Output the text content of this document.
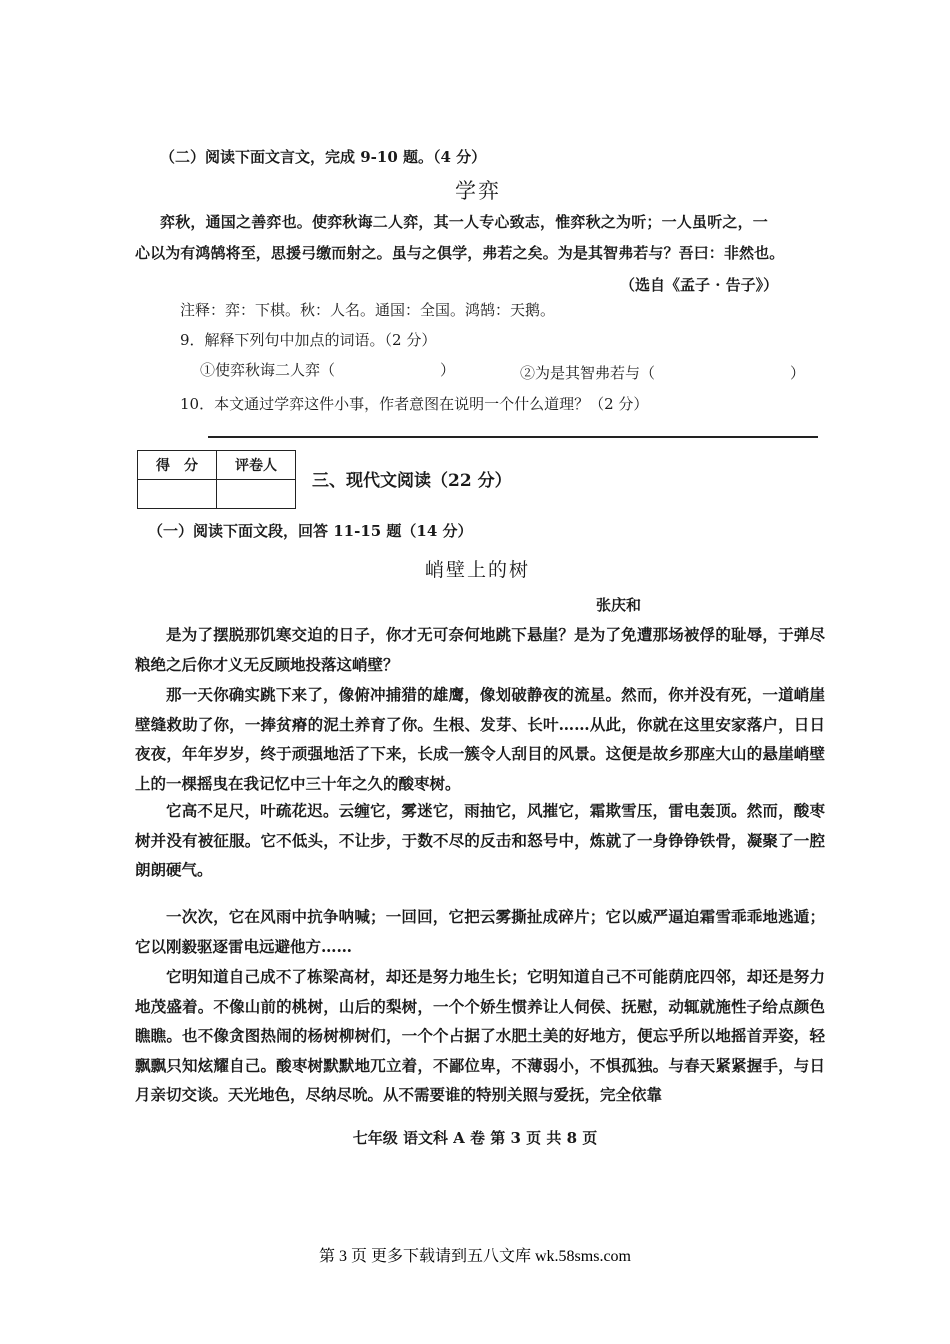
（二）阅读下面文言文，完成 9-10 题。（4 分）
学弈
弈秋，通国之善弈也。使弈秋诲二人弈，其一人专心致志，惟弈秋之为听；一人虽听之，一
心以为有鸿鹄将至，思援弓缴而射之。虽与之俱学，弗若之矣。为是其智弗若与？吾曰：非然也。
（选自《孟子 · 告子》）
注释：弈：下棋。秋：人名。通国：全国。鸿鹄：天鹅。
9．解释下列句中加点的词语。（2 分）
①使弈秋诲二人弈（　　　　　　　）	②为是其智弗若与（　　　　　　　　　）
10．本文通过学弈这件小事，作者意图在说明一个什么道理？（2 分）
得　分	评卷人

三、现代文阅读（22 分）
（一）阅读下面文段，回答 11-15 题（14 分）
峭壁上的树
张庆和
是为了摆脱那饥寒交迫的日子，你才无可奈何地跳下悬崖？是为了免遭那场被俘的耻辱，于弹尽粮绝之后你才义无反顾地投落这峭壁？
那一天你确实跳下来了，像俯冲捕猎的雄鹰，像划破静夜的流星。然而，你并没有死，一道峭崖壁缝救助了你，一捧贫瘠的泥土养育了你。生根、发芽、长叶……从此，你就在这里安家落户，日日夜夜，年年岁岁，终于顽强地活了下来，长成一簇令人刮目的风景。这便是故乡那座大山的悬崖峭壁上的一棵摇曳在我记忆中三十年之久的酸枣树。
它高不足尺，叶疏花迟。云缠它，雾迷它，雨抽它，风摧它，霜欺雪压，雷电轰顶。然而，酸枣树并没有被征服。它不低头，不让步，于数不尽的反击和怒号中，炼就了一身铮铮铁骨，凝聚了一腔朗朗硬气。
一次次，它在风雨中抗争呐喊；一回回，它把云雾撕扯成碎片；它以威严逼迫霜雪乖乖地逃遁；它以刚毅驱逐雷电远避他方……
它明知道自己成不了栋梁高材，却还是努力地生长；它明知道自己不可能荫庇四邻，却还是努力地茂盛着。不像山前的桃树，山后的梨树，一个个娇生惯养让人伺侯、抚慰，动辄就施性子给点颜色瞧瞧。也不像贪图热闹的杨树柳树们，一个个占据了水肥土美的好地方，便忘乎所以地摇首弄姿，轻飘飘只知炫耀自己。酸枣树默默地兀立着，不鄙位卑，不薄弱小，不惧孤独。与春天紧紧握手，与日月亲切交谈。天光地色，尽纳尽吮。从不需要谁的特别关照与爱抚，完全依靠
七年级 语文科 A 卷 第 3 页 共 8 页
第 3 页 更多下载请到五八文库 wk.58sms.com
